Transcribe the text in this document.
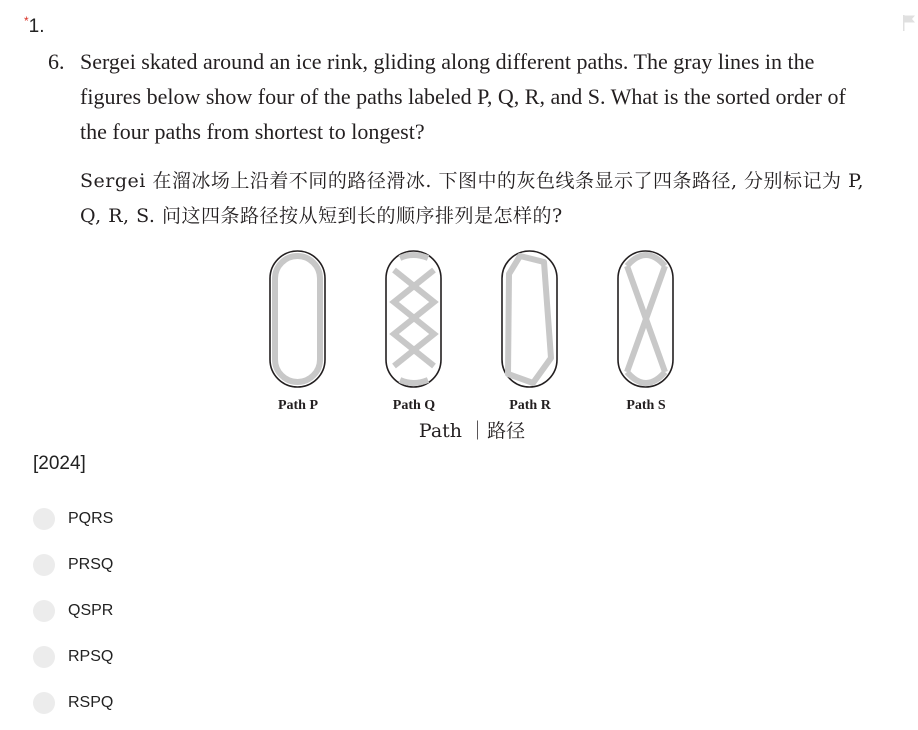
*1.
6. Sergei skated around an ice rink, gliding along different paths. The gray lines in the figures below show four of the paths labeled P, Q, R, and S. What is the sorted order of the four paths from shortest to longest?
Sergei 在溜冰场上沿着不同的路径滑冰. 下图中的灰色线条显示了四条路径, 分别标记为 P, Q, R, S. 问这四条路径按从短到长的顺序排列是怎样的?
Path P	Path Q	Path R	Path S
Path ｜路径
[2024]
PQRS
PRSQ
QSPR
RPSQ
RSPQ
